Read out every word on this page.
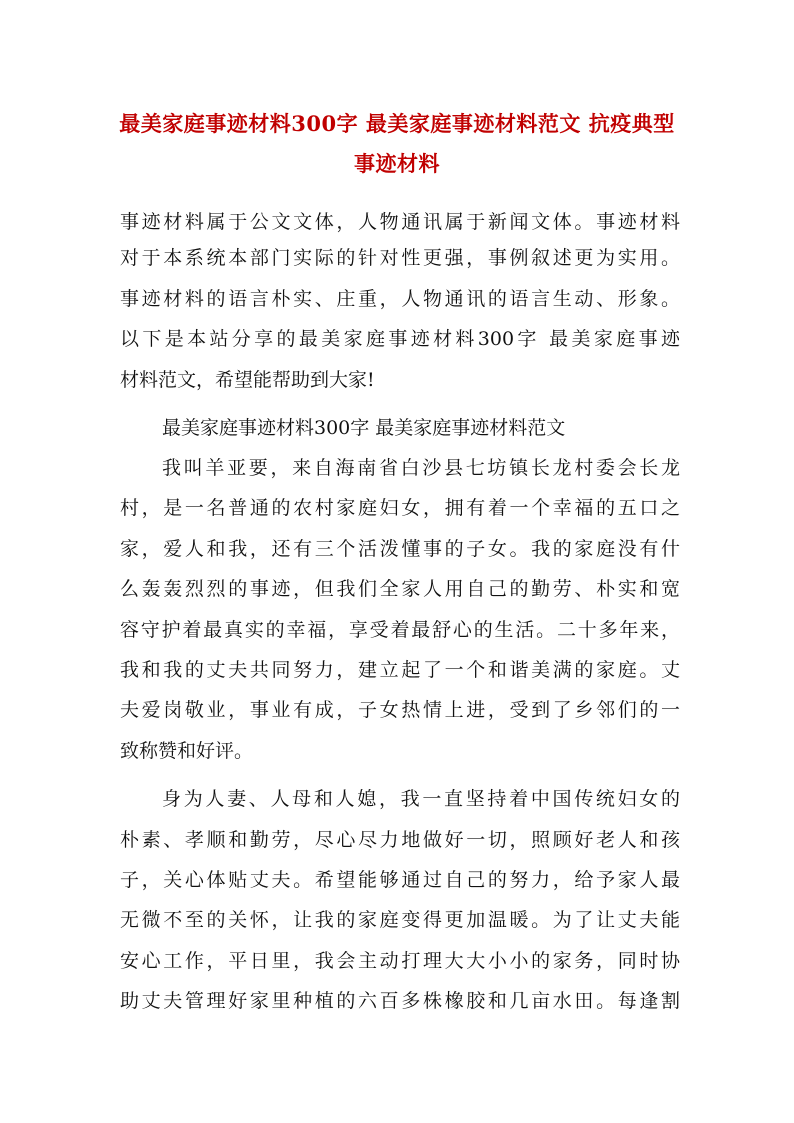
最美家庭事迹材料300字 最美家庭事迹材料范文 抗疫典型事迹材料

事迹材料属于公文文体，人物通讯属于新闻文体。事迹材料

对于本系统本部门实际的针对性更强，事例叙述更为实用。

事迹材料的语言朴实、庄重，人物通讯的语言生动、形象。

以下是本站分享的最美家庭事迹材料300字 最美家庭事迹

材料范文，希望能帮助到大家!

最美家庭事迹材料300字 最美家庭事迹材料范文

我叫羊亚要，来自海南省白沙县七坊镇长龙村委会长龙

村，是一名普通的农村家庭妇女，拥有着一个幸福的五口之

家，爱人和我，还有三个活泼懂事的子女。我的家庭没有什

么轰轰烈烈的事迹，但我们全家人用自己的勤劳、朴实和宽

容守护着最真实的幸福，享受着最舒心的生活。二十多年来，

我和我的丈夫共同努力，建立起了一个和谐美满的家庭。丈

夫爱岗敬业，事业有成，子女热情上进，受到了乡邻们的一

致称赞和好评。

身为人妻、人母和人媳，我一直坚持着中国传统妇女的

朴素、孝顺和勤劳，尽心尽力地做好一切，照顾好老人和孩

子，关心体贴丈夫。希望能够通过自己的努力，给予家人最

无微不至的关怀，让我的家庭变得更加温暖。为了让丈夫能

安心工作，平日里，我会主动打理大大小小的家务，同时协

助丈夫管理好家里种植的六百多株橡胶和几亩水田。每逢割
